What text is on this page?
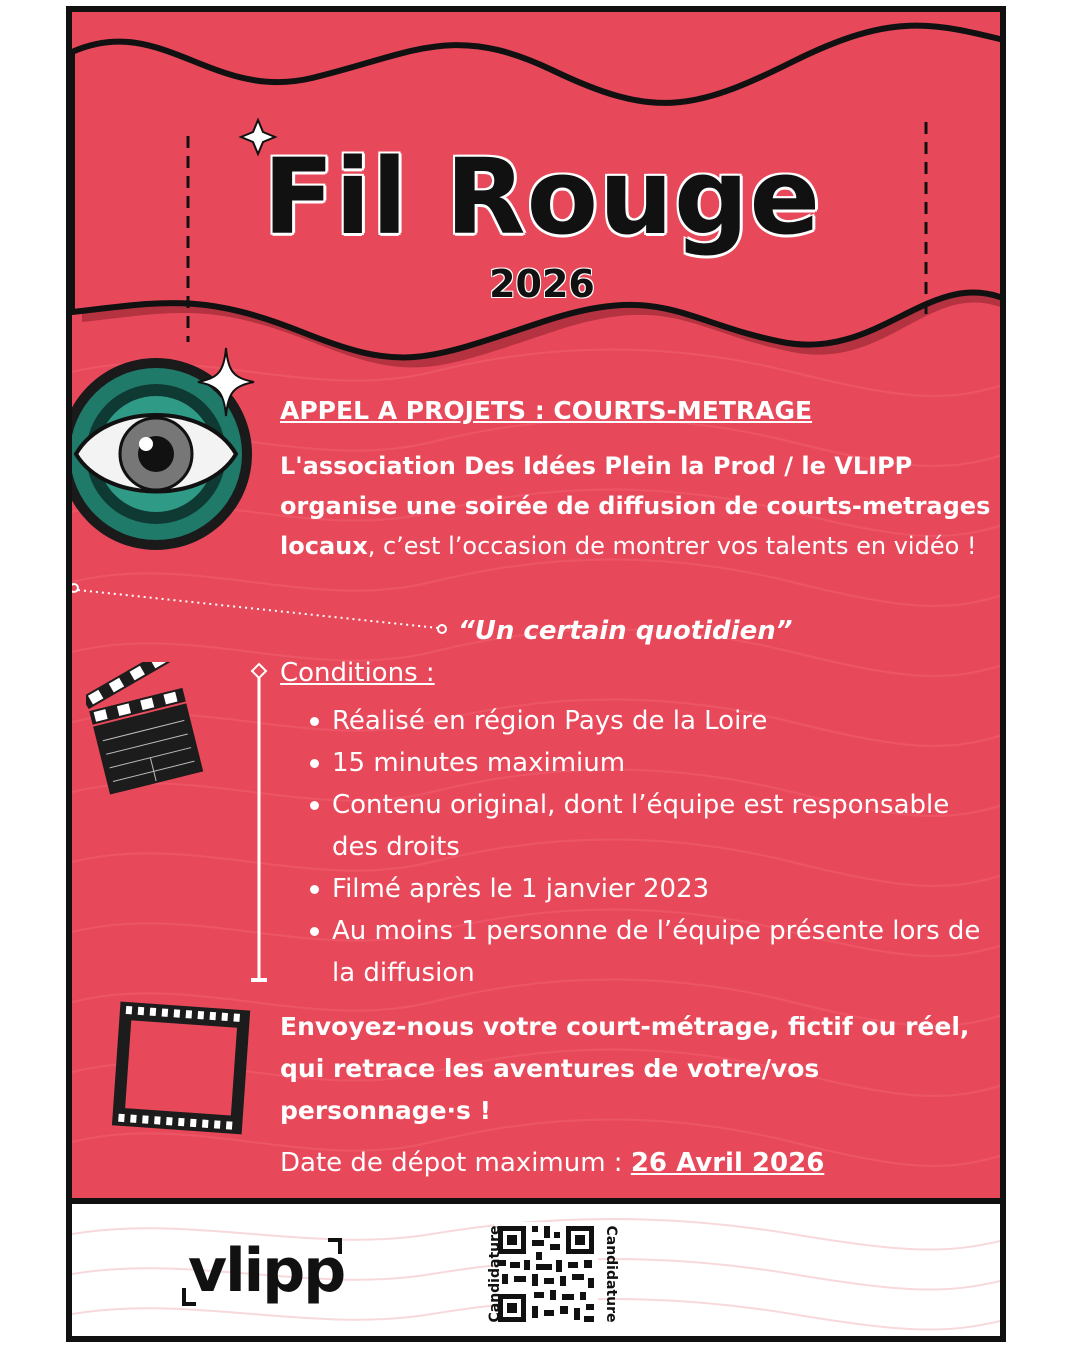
Fil Rouge
2026
APPEL A PROJETS : COURTS-METRAGE
L'association Des Idées Plein la Prod / le VLIPP organise une soirée de diffusion de courts-metrages locaux, c’est l’occasion de montrer vos talents en vidéo !
“Un certain quotidien”
Conditions :
Réalisé en région Pays de la Loire
15 minutes maximium
Contenu original, dont l’équipe est responsable des droits
Filmé après le 1 janvier 2023
Au moins 1 personne de l’équipe présente lors de la diffusion
Envoyez-nous votre court-métrage, fictif ou réel, qui retrace les aventures de votre/vos personnage·s !
Date de dépot maximum : 26 Avril 2026
vlipp	Candidature	Candidature
